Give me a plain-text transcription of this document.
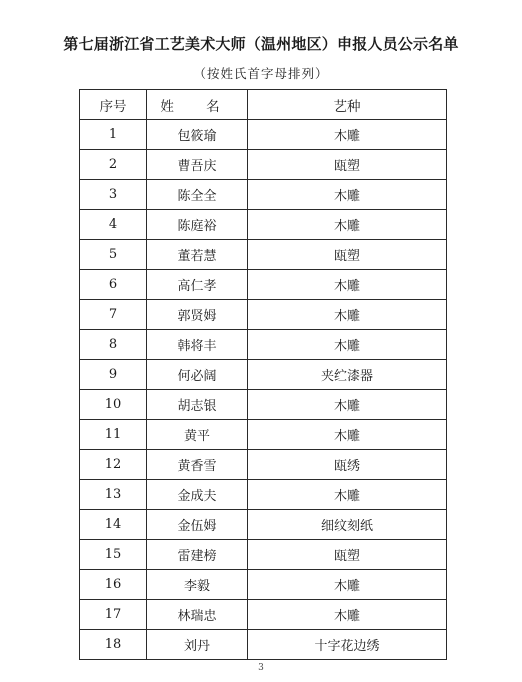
第七届浙江省工艺美术大师（温州地区）申报人员公示名单
（按姓氏首字母排列）
序号	姓 名	艺种
1	包筱瑜	木雕
2	曹吾庆	瓯塑
3	陈全全	木雕
4	陈庭裕	木雕
5	董若慧	瓯塑
6	高仁孝	木雕
7	郭贤姆	木雕
8	韩将丰	木雕
9	何必阔	夹纻漆器
10	胡志银	木雕
11	黄平	木雕
12	黄香雪	瓯绣
13	金成夫	木雕
14	金伍姆	细纹刻纸
15	雷建榜	瓯塑
16	李毅	木雕
17	林瑞忠	木雕
18	刘丹	十字花边绣
3
